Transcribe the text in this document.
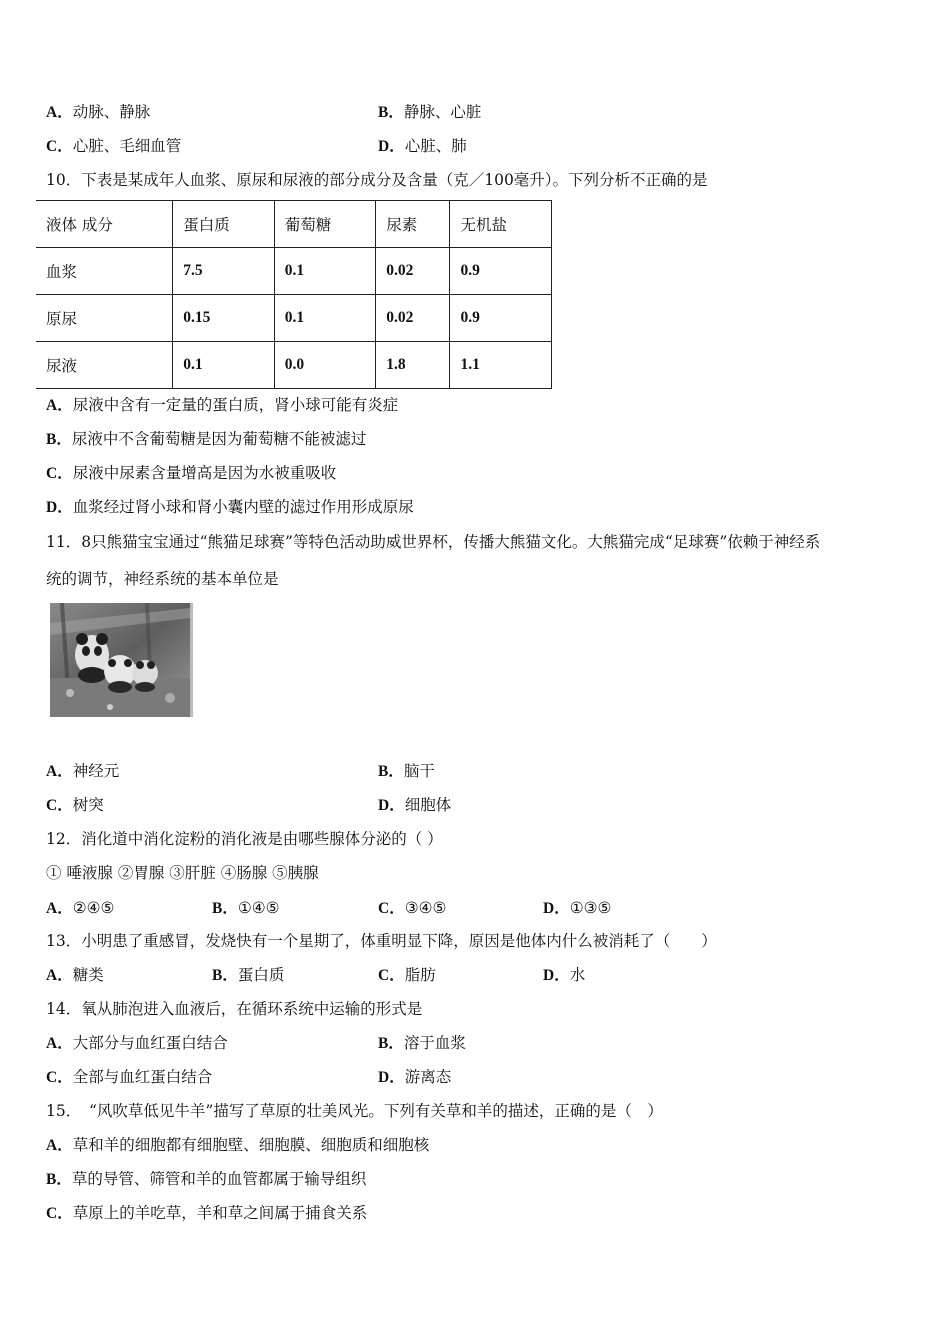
A．动脉、静脉	B．静脉、心脏
C．心脏、毛细血管	D．心脏、肺
10．下表是某成年人血浆、原尿和尿液的部分成分及含量（克／100毫升）。下列分析不正确的是
液体 成分	蛋白质	葡萄糖	尿素	无机盐
血浆	7.5	0.1	0.02	0.9
原尿	0.15	0.1	0.02	0.9
尿液	0.1	0.0	1.8	1.1
A．尿液中含有一定量的蛋白质，肾小球可能有炎症
B．尿液中不含葡萄糖是因为葡萄糖不能被滤过
C．尿液中尿素含量增高是因为水被重吸收
D．血浆经过肾小球和肾小囊内壁的滤过作用形成原尿
11．8只熊猫宝宝通过“熊猫足球赛”等特色活动助威世界杯，传播大熊猫文化。大熊猫完成“足球赛”依赖于神经系
统的调节，神经系统的基本单位是
A．神经元	B．脑干
C．树突	D．细胞体
12．消化道中消化淀粉的消化液是由哪些腺体分泌的（ ）
① 唾液腺 ②胃腺 ③肝脏 ④肠腺 ⑤胰腺
A．②④⑤	B．①④⑤	C．③④⑤	D．①③⑤
13．小明患了重感冒，发烧快有一个星期了，体重明显下降，原因是他体内什么被消耗了（　　）
A．糖类	B．蛋白质	C．脂肪	D．水
14．氧从肺泡进入血液后，在循环系统中运输的形式是
A．大部分与血红蛋白结合	B．溶于血浆
C．全部与血红蛋白结合	D．游离态
15．　“风吹草低见牛羊”描写了草原的壮美风光。下列有关草和羊的描述，正确的是（　）
A．草和羊的细胞都有细胞壁、细胞膜、细胞质和细胞核
B．草的导管、筛管和羊的血管都属于输导组织
C．草原上的羊吃草，羊和草之间属于捕食关系
